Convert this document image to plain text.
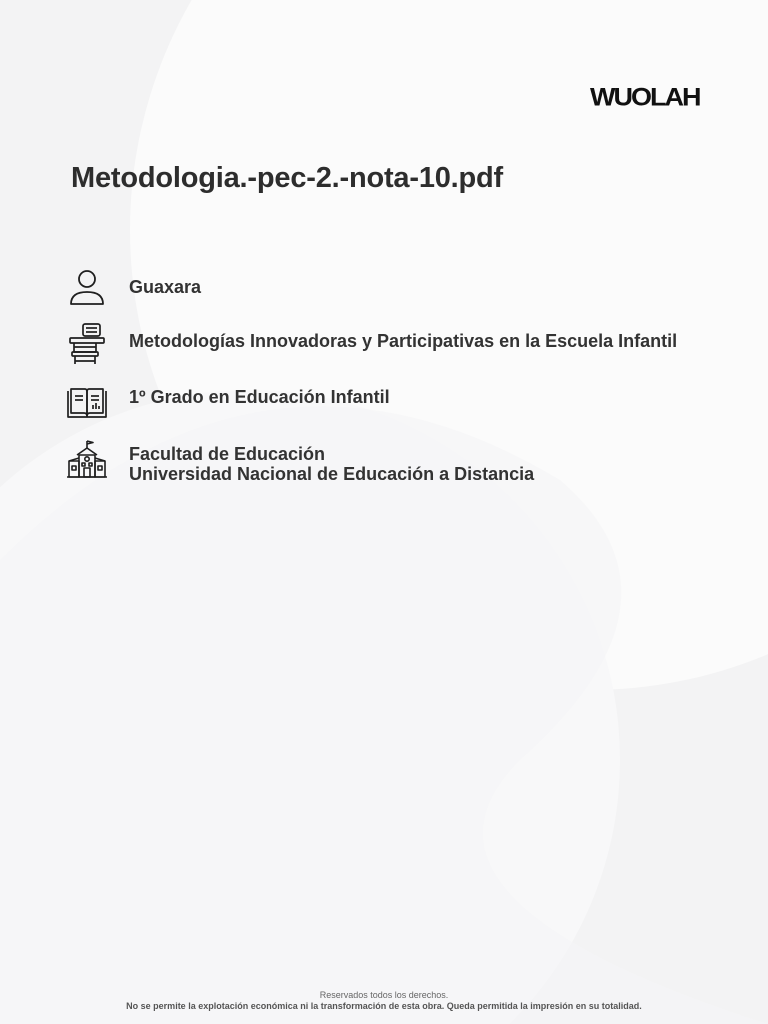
WUOLAH
Metodologia.-pec-2.-nota-10.pdf
Guaxara
Metodologías Innovadoras y Participativas en la Escuela Infantil
1º Grado en Educación Infantil
Facultad de Educación
Universidad Nacional de Educación a Distancia
Reservados todos los derechos.
No se permite la explotación económica ni la transformación de esta obra. Queda permitida la impresión en su totalidad.
